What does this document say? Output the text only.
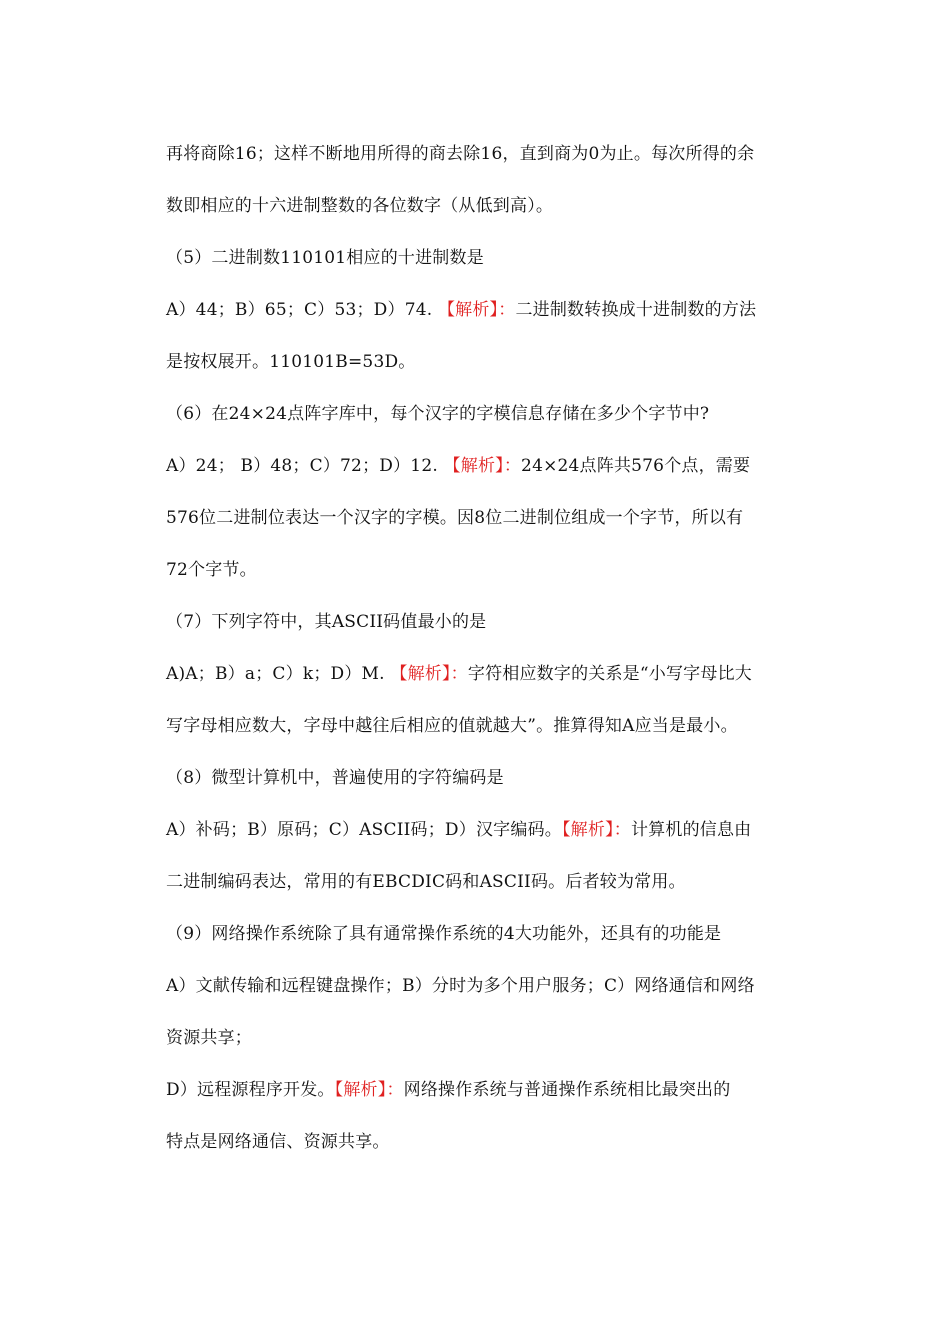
再将商除16；这样不断地用所得的商去除16，直到商为0为止。每次所得的余
数即相应的十六进制整数的各位数字（从低到高）。
（5）二进制数110101相应的十进制数是
A）44；B）65；C）53；D）74. 【解析】：二进制数转换成十进制数的方法
是按权展开。110101B=53D。
（6）在24×24点阵字库中，每个汉字的字模信息存储在多少个字节中?
A）24； B）48；C）72；D）12. 【解析】：24×24点阵共576个点，需要
576位二进制位表达一个汉字的字模。因8位二进制位组成一个字节，所以有
72个字节。
（7）下列字符中，其ASCII码值最小的是
A)A；B）a；C）k；D）M. 【解析】：字符相应数字的关系是“小写字母比大
写字母相应数大，字母中越往后相应的值就越大”。推算得知A应当是最小。
（8）微型计算机中，普遍使用的字符编码是
A）补码；B）原码；C）ASCII码；D）汉字编码。【解析】：计算机的信息由
二进制编码表达，常用的有EBCDIC码和ASCII码。后者较为常用。
（9）网络操作系统除了具有通常操作系统的4大功能外，还具有的功能是
A）文献传输和远程键盘操作；B）分时为多个用户服务；C）网络通信和网络
资源共享；
D）远程源程序开发。【解析】：网络操作系统与普通操作系统相比最突出的
特点是网络通信、资源共享。
